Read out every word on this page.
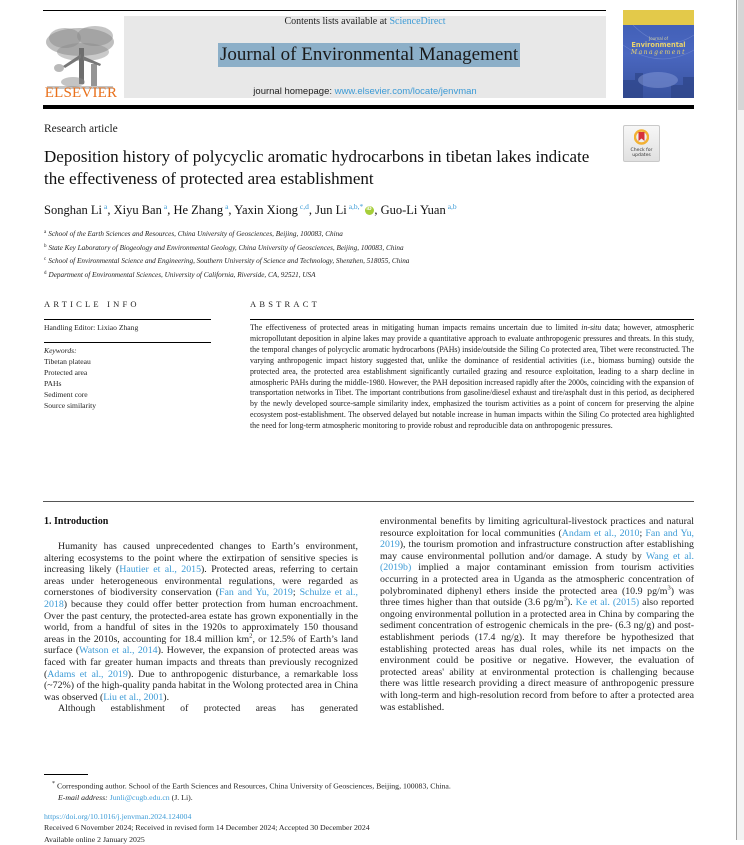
ELSEVIER
Contents lists available at ScienceDirect
Journal of Environmental Management
journal homepage: www.elsevier.com/locate/jenvman
Journal of
Environmental
Management
Research article
Check for updates
Deposition history of polycyclic aromatic hydrocarbons in tibetan lakes indicate the effectiveness of protected area establishment
Songhan Li $^a$, Xiyu Ban $^a$, He Zhang $^a$, Yaxin Xiong $^{c,d}$, Jun Li $^{a,b,*}$ iD , Guo-Li Yuan $^{a,b}$
$^a$ School of the Earth Sciences and Resources, China University of Geosciences, Beijing, 100083, China
$^b$ State Key Laboratory of Biogeology and Environmental Geology, China University of Geosciences, Beijing, 100083, China
$^c$ School of Environmental Science and Engineering, Southern University of Science and Technology, Shenzhen, 518055, China
$^d$ Department of Environmental Sciences, University of California, Riverside, CA, 92521, USA
ARTICLE INFO
Handling Editor: Lixiao Zhang
Keywords:
Tibetan plateau
Protected area
PAHs
Sediment core
Source similarity
ABSTRACT
The effectiveness of protected areas in mitigating human impacts remains uncertain due to limited in-situ data; however, atmospheric micropollutant deposition in alpine lakes may provide a quantitative approach to evaluate anthropogenic pressures and threats. In this study, the temporal changes of polycyclic aromatic hydrocarbons (PAHs) inside/outside the Siling Co protected area, Tibet were reconstructed. The varying anthropogenic impact history suggested that, unlike the dominance of residential activities (i.e., biomass burning) outside the protected area, the protected area establishment significantly curtailed grazing and resource exploitation, leading to a sharp decline in atmospheric PAHs during the middle-1980. However, the PAH deposition increased rapidly after the 2000s, coinciding with the expansion of transportation networks in Tibet. The important contributions from gasoline/diesel exhaust and tire/asphalt dust in this period, as deciphered by the newly developed source-sample similarity index, emphasized the tourism activities as a point of concern for preserving the alpine ecosystem post-establishment. The observed delayed but notable increase in human impacts within the Siling Co protected area highlighted the need for long-term atmospheric monitoring to provide robust and reproducible data on anthropogenic pressures.
1. Introduction

Humanity has caused unprecedented changes to Earth’s environment, altering ecosystems to the point where the extirpation of sensitive species is increasing likely (Hautier et al., 2015). Protected areas, referring to certain areas under heterogeneous environmental regulations, were regarded as cornerstones of biodiversity conservation (Fan and Yu, 2019; Schulze et al., 2018) because they could offer better protection from human encroachment. Over the past century, the protected-area estate has grown exponentially in the world, from a handful of sites in the 1920s to approximately 150 thousand areas in the 2010s, accounting for 18.4 million $km^2$, or 12.5% of Earth’s land surface (Watson et al., 2014). However, the expansion of protected areas was faced with far greater human impacts and threats than previously recognized (Adams et al., 2019). Due to anthropogenic disturbance, a remarkable loss (~72%) of the high-quality panda habitat in the Wolong protected area in China was observed (Liu et al., 2001).

Although establishment of protected areas has generated

environmental benefits by limiting agricultural-livestock practices and natural resource exploitation for local communities (Andam et al., 2010; Fan and Yu, 2019), the tourism promotion and infrastructure construction after establishing may cause environmental pollution and/or damage. A study by Wang et al. (2019b) implied a major contaminant emission from tourism activities occurring in a protected area in Uganda as the atmospheric concentration of polybrominated diphenyl ethers inside the protected area (10.9 $pg/m^3$) was three times higher than that outside (3.6 $pg/m^3$). Ke et al. (2015) also reported ongoing environmental pollution in a protected area in China by comparing the sediment concentration of estrogenic chemicals in the pre- (6.3 ng/g) and post-establishment periods (17.4 ng/g). It may therefore be hypothesized that establishing protected areas has dual roles, while its net impacts on the environment could be positive or negative. However, the evaluation of protected areas' ability at environmental protection is challenging because there was little research providing a direct measure of anthropogenic pressure with long-term and high-resolution record from before to after a protected area was established.

* Corresponding author. School of the Earth Sciences and Resources, China University of Geosciences, Beijing, 100083, China.
E-mail address: Junli@cugb.edu.cn (J. Li).
https://doi.org/10.1016/j.jenvman.2024.124004
Received 6 November 2024; Received in revised form 14 December 2024; Accepted 30 December 2024
Available online 2 January 2025
